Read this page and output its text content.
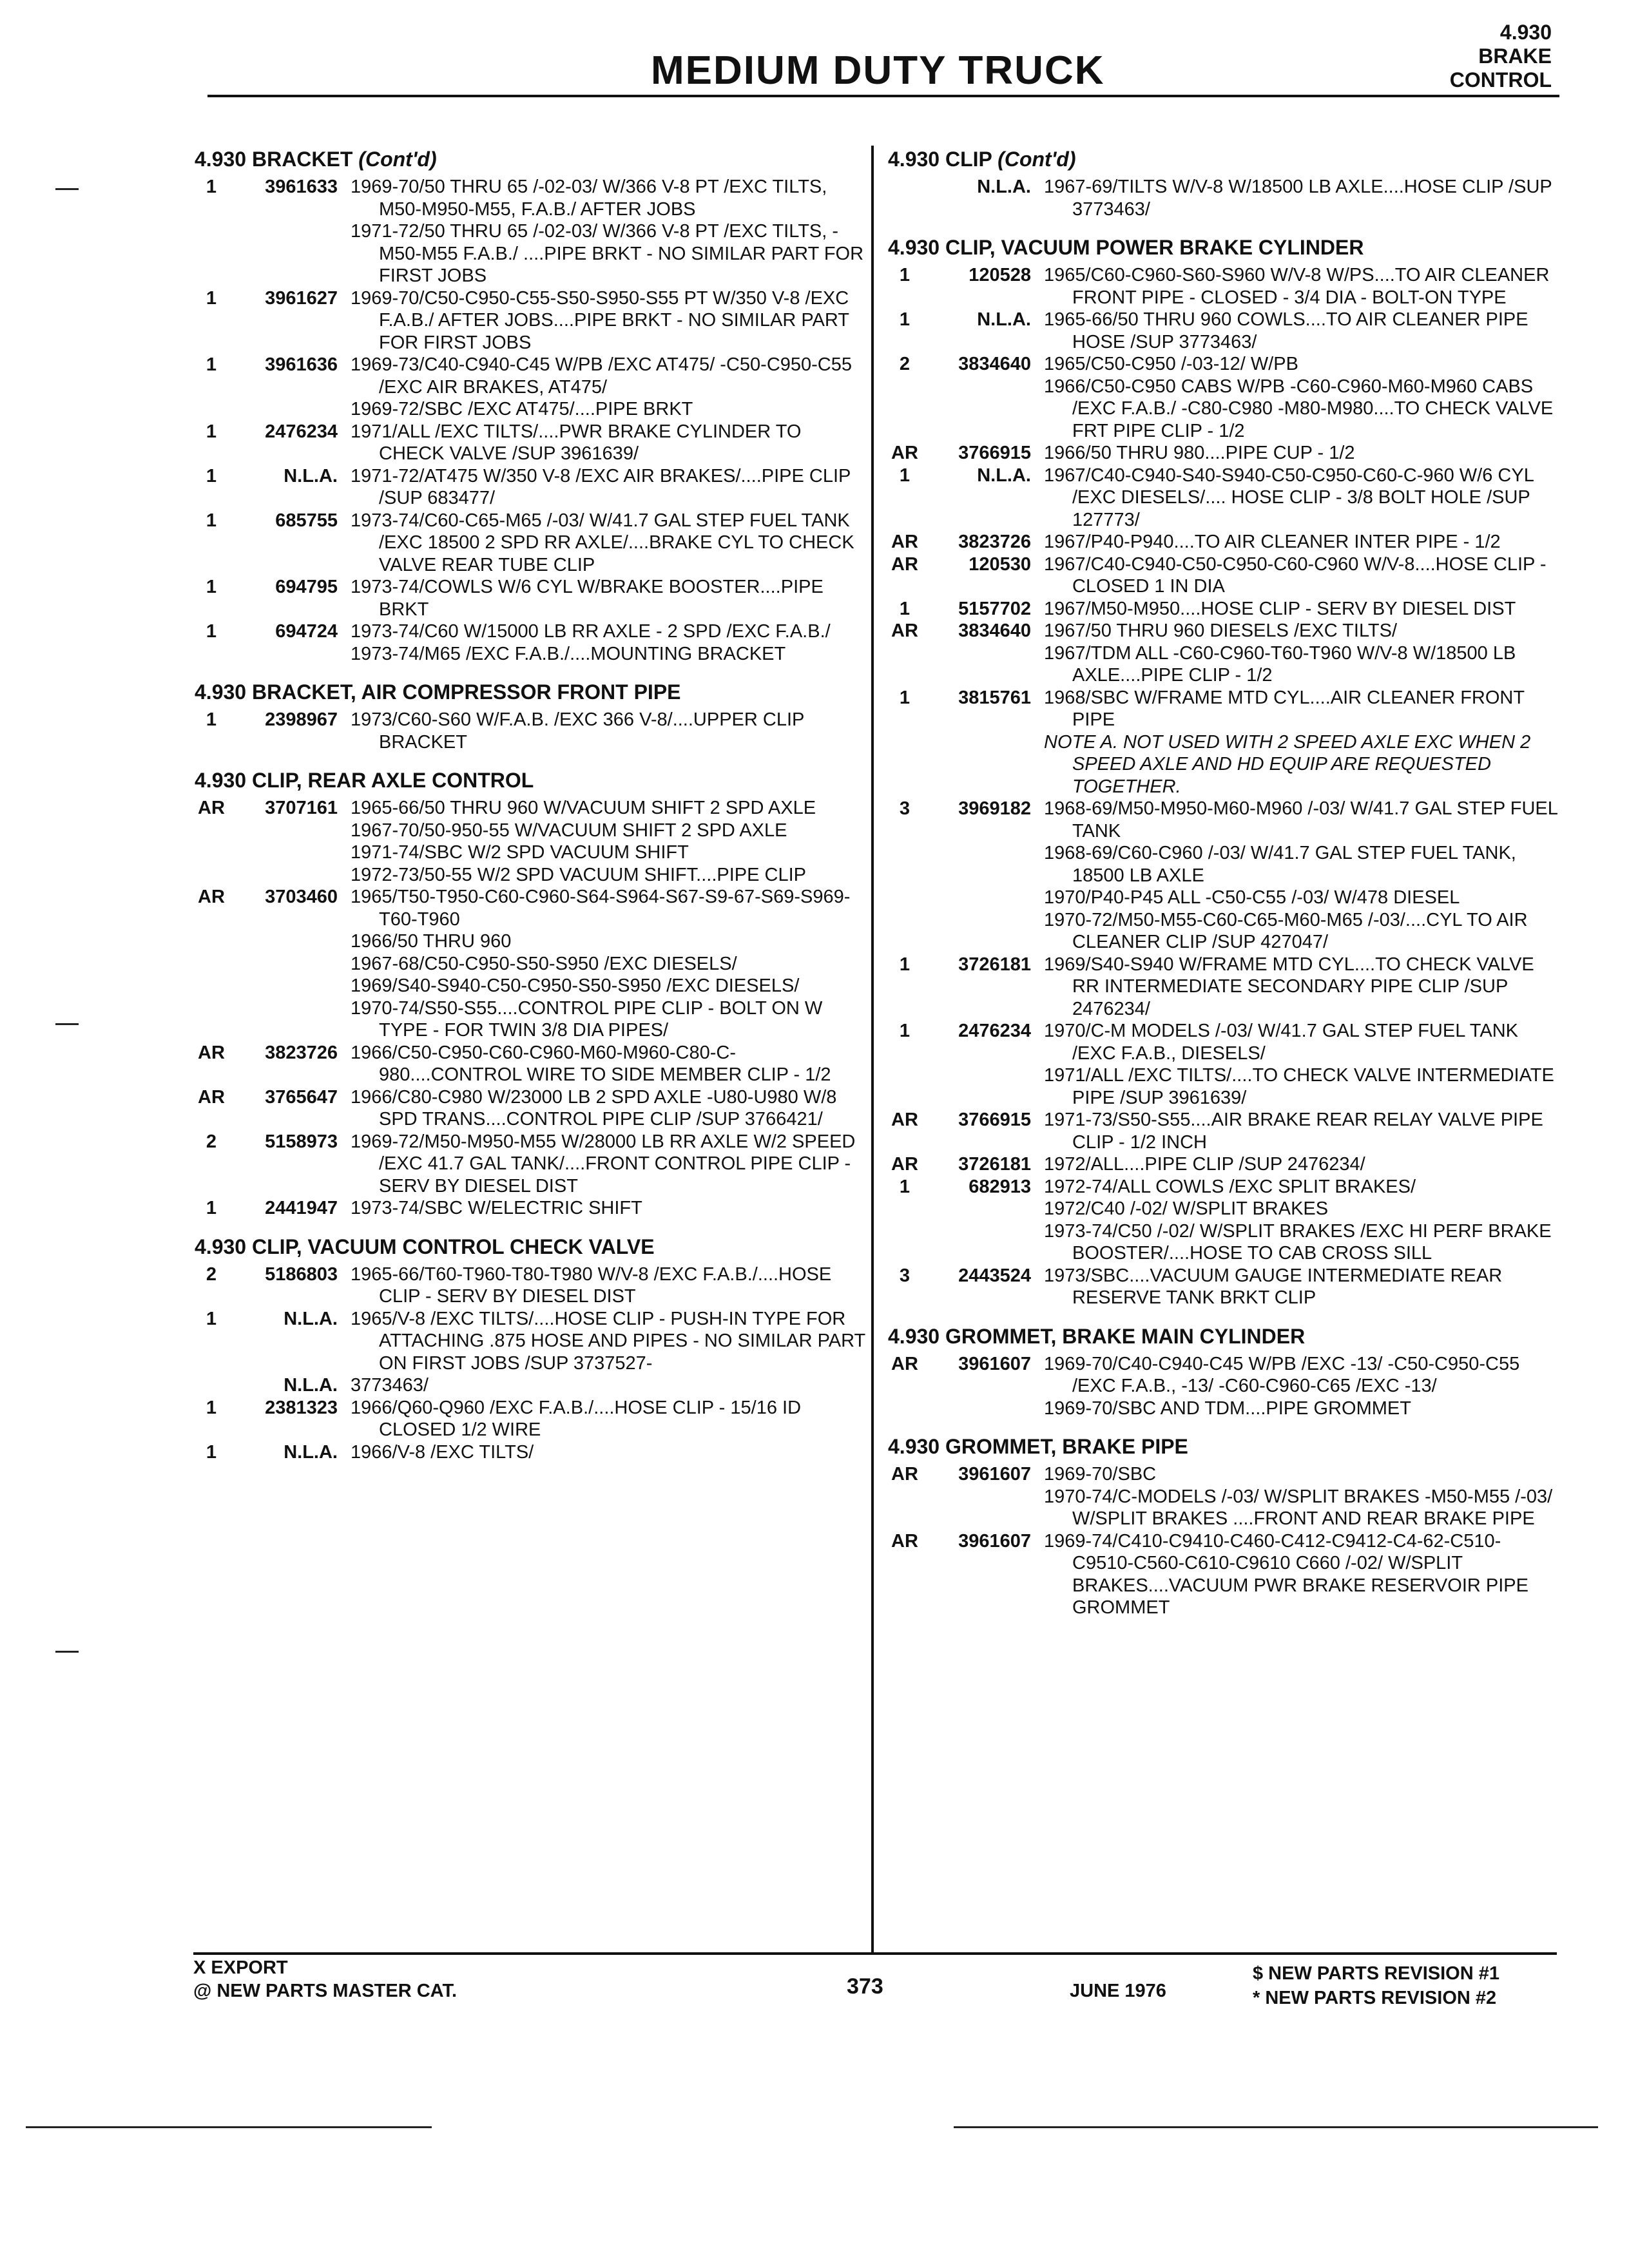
MEDIUM DUTY TRUCK
4.930
BRAKE
CONTROL
4.930 BRACKET (Cont'd)
1	3961633 1969-70/50 THRU 65 /-02-03/ W/366 V-8 PT /EXC TILTS, M50-M950-M55, F.A.B./ AFTER JOBS
1971-72/50 THRU 65 /-02-03/ W/366 V-8 PT /EXC TILTS, -M50-M55 F.A.B./ ....PIPE BRKT - NO SIMILAR PART FOR FIRST JOBS
1	3961627 1969-70/C50-C950-C55-S50-S950-S55 PT W/350 V-8 /EXC F.A.B./ AFTER JOBS....PIPE BRKT - NO SIMILAR PART FOR FIRST JOBS
1	3961636 1969-73/C40-C940-C45 W/PB /EXC AT475/ -C50-C950-C55 /EXC AIR BRAKES, AT475/
1969-72/SBC /EXC AT475/....PIPE BRKT
1	2476234 1971/ALL /EXC TILTS/....PWR BRAKE CYLINDER TO CHECK VALVE /SUP 3961639/
1	N.L.A. 1971-72/AT475 W/350 V-8 /EXC AIR BRAKES/....PIPE CLIP /SUP 683477/
1	685755 1973-74/C60-C65-M65 /-03/ W/41.7 GAL STEP FUEL TANK /EXC 18500 2 SPD RR AXLE/....BRAKE CYL TO CHECK VALVE REAR TUBE CLIP
1	694795 1973-74/COWLS W/6 CYL W/BRAKE BOOSTER....PIPE BRKT
1	694724 1973-74/C60 W/15000 LB RR AXLE - 2 SPD /EXC F.A.B./
1973-74/M65 /EXC F.A.B./....MOUNTING BRACKET
4.930 BRACKET, AIR COMPRESSOR FRONT PIPE
1	2398967 1973/C60-S60 W/F.A.B. /EXC 366 V-8/....UPPER CLIP BRACKET
4.930 CLIP, REAR AXLE CONTROL
AR	3707161 1965-66/50 THRU 960 W/VACUUM SHIFT 2 SPD AXLE
1967-70/50-950-55 W/VACUUM SHIFT 2 SPD AXLE
1971-74/SBC W/2 SPD VACUUM SHIFT
1972-73/50-55 W/2 SPD VACUUM SHIFT....PIPE CLIP
AR	3703460 1965/T50-T950-C60-C960-S64-S964-S67-S9-67-S69-S969-T60-T960
1966/50 THRU 960
1967-68/C50-C950-S50-S950 /EXC DIESELS/
1969/S40-S940-C50-C950-S50-S950 /EXC DIESELS/
1970-74/S50-S55....CONTROL PIPE CLIP - BOLT ON W TYPE - FOR TWIN 3/8 DIA PIPES/
AR	3823726 1966/C50-C950-C60-C960-M60-M960-C80-C-980....CONTROL WIRE TO SIDE MEMBER CLIP - 1/2
AR	3765647 1966/C80-C980 W/23000 LB 2 SPD AXLE -U80-U980 W/8 SPD TRANS....CONTROL PIPE CLIP /SUP 3766421/
2	5158973 1969-72/M50-M950-M55 W/28000 LB RR AXLE W/2 SPEED /EXC 41.7 GAL TANK/....FRONT CONTROL PIPE CLIP - SERV BY DIESEL DIST
1	2441947 1973-74/SBC W/ELECTRIC SHIFT
4.930 CLIP, VACUUM CONTROL CHECK VALVE
2	5186803 1965-66/T60-T960-T80-T980 W/V-8 /EXC F.A.B./....HOSE CLIP - SERV BY DIESEL DIST
1	N.L.A. 1965/V-8 /EXC TILTS/....HOSE CLIP - PUSH-IN TYPE FOR ATTACHING .875 HOSE AND PIPES - NO SIMILAR PART ON FIRST JOBS /SUP 3737527-
N.L.A. 3773463/
1	2381323 1966/Q60-Q960 /EXC F.A.B./....HOSE CLIP - 15/16 ID CLOSED 1/2 WIRE
1	N.L.A. 1966/V-8 /EXC TILTS/
4.930 CLIP (Cont'd)
N.L.A. 1967-69/TILTS W/V-8 W/18500 LB AXLE....HOSE CLIP /SUP 3773463/
4.930 CLIP, VACUUM POWER BRAKE CYLINDER
1	120528 1965/C60-C960-S60-S960 W/V-8 W/PS....TO AIR CLEANER FRONT PIPE - CLOSED - 3/4 DIA - BOLT-ON TYPE
1	N.L.A. 1965-66/50 THRU 960 COWLS....TO AIR CLEANER PIPE HOSE /SUP 3773463/
2	3834640 1965/C50-C950 /-03-12/ W/PB
1966/C50-C950 CABS W/PB -C60-C960-M60-M960 CABS /EXC F.A.B./ -C80-C980 -M80-M980....TO CHECK VALVE FRT PIPE CLIP - 1/2
AR	3766915 1966/50 THRU 980....PIPE CUP - 1/2
1	N.L.A. 1967/C40-C940-S40-S940-C50-C950-C60-C-960 W/6 CYL /EXC DIESELS/.... HOSE CLIP - 3/8 BOLT HOLE /SUP 127773/
AR	3823726 1967/P40-P940....TO AIR CLEANER INTER PIPE - 1/2
AR	120530 1967/C40-C940-C50-C950-C60-C960 W/V-8....HOSE CLIP - CLOSED 1 IN DIA
1	5157702 1967/M50-M950....HOSE CLIP - SERV BY DIESEL DIST
AR	3834640 1967/50 THRU 960 DIESELS /EXC TILTS/
1967/TDM ALL -C60-C960-T60-T960 W/V-8 W/18500 LB AXLE....PIPE CLIP - 1/2
1	3815761 1968/SBC W/FRAME MTD CYL....AIR CLEANER FRONT PIPE
NOTE A. NOT USED WITH 2 SPEED AXLE EXC WHEN 2 SPEED AXLE AND HD EQUIP ARE REQUESTED TOGETHER.
3	3969182 1968-69/M50-M950-M60-M960 /-03/ W/41.7 GAL STEP FUEL TANK
1968-69/C60-C960 /-03/ W/41.7 GAL STEP FUEL TANK, 18500 LB AXLE
1970/P40-P45 ALL -C50-C55 /-03/ W/478 DIESEL
1970-72/M50-M55-C60-C65-M60-M65 /-03/....CYL TO AIR CLEANER CLIP /SUP 427047/
1	3726181 1969/S40-S940 W/FRAME MTD CYL....TO CHECK VALVE RR INTERMEDIATE SECONDARY PIPE CLIP /SUP 2476234/
1	2476234 1970/C-M MODELS /-03/ W/41.7 GAL STEP FUEL TANK /EXC F.A.B., DIESELS/
1971/ALL /EXC TILTS/....TO CHECK VALVE INTERMEDIATE PIPE /SUP 3961639/
AR	3766915 1971-73/S50-S55....AIR BRAKE REAR RELAY VALVE PIPE CLIP - 1/2 INCH
AR	3726181 1972/ALL....PIPE CLIP /SUP 2476234/
1	682913 1972-74/ALL COWLS /EXC SPLIT BRAKES/
1972/C40 /-02/ W/SPLIT BRAKES
1973-74/C50 /-02/ W/SPLIT BRAKES /EXC HI PERF BRAKE BOOSTER/....HOSE TO CAB CROSS SILL
3	2443524 1973/SBC....VACUUM GAUGE INTERMEDIATE REAR RESERVE TANK BRKT CLIP
4.930 GROMMET, BRAKE MAIN CYLINDER
AR	3961607 1969-70/C40-C940-C45 W/PB /EXC -13/ -C50-C950-C55 /EXC F.A.B., -13/ -C60-C960-C65 /EXC -13/
1969-70/SBC AND TDM....PIPE GROMMET
4.930 GROMMET, BRAKE PIPE
AR	3961607 1969-70/SBC
1970-74/C-MODELS /-03/ W/SPLIT BRAKES -M50-M55 /-03/ W/SPLIT BRAKES ....FRONT AND REAR BRAKE PIPE
AR	3961607 1969-74/C410-C9410-C460-C412-C9412-C4-62-C510-C9510-C560-C610-C9610 C660 /-02/ W/SPLIT BRAKES....VACUUM PWR BRAKE RESERVOIR PIPE GROMMET
X EXPORT
@ NEW PARTS MASTER CAT.	373	JUNE 1976
$ NEW PARTS REVISION #1
* NEW PARTS REVISION #2
